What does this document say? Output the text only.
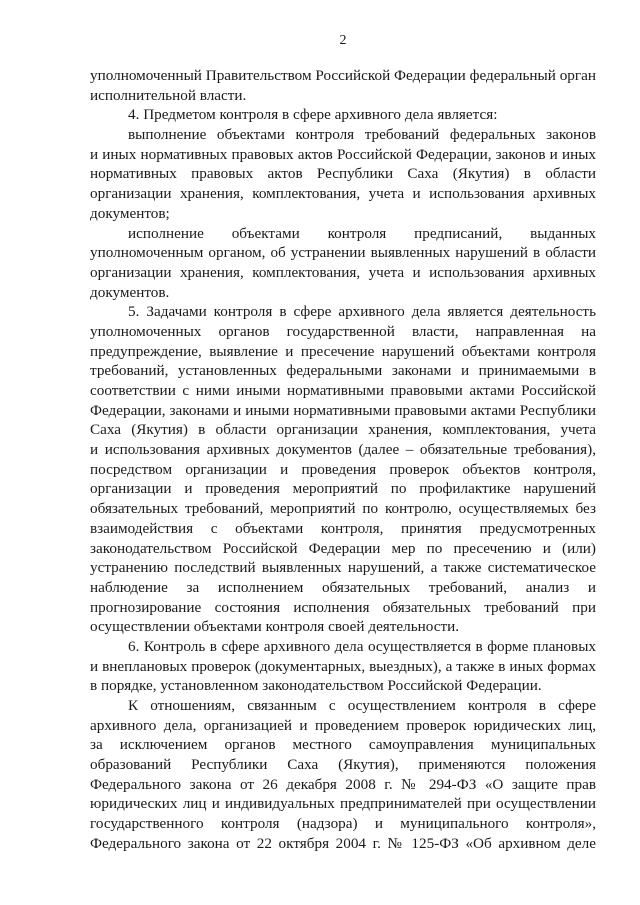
2
уполномоченный Правительством Российской Федерации федеральный орган
исполнительной власти.
4. Предметом контроля в сфере архивного дела является:
выполнение объектами контроля требований федеральных законов
и иных нормативных правовых актов Российской Федерации, законов и иных
нормативных правовых актов Республики Саха (Якутия) в области
организации хранения, комплектования, учета и использования архивных
документов;
исполнение объектами контроля предписаний, выданных
уполномоченным органом, об устранении выявленных нарушений в области
организации хранения, комплектования, учета и использования архивных
документов.
5. Задачами контроля в сфере архивного дела является деятельность
уполномоченных органов государственной власти, направленная на
предупреждение, выявление и пресечение нарушений объектами контроля
требований, установленных федеральными законами и принимаемыми в
соответствии с ними иными нормативными правовыми актами Российской
Федерации, законами и иными нормативными правовыми актами Республики
Саха (Якутия) в области организации хранения, комплектования, учета
и использования архивных документов (далее – обязательные требования),
посредством организации и проведения проверок объектов контроля,
организации и проведения мероприятий по профилактике нарушений
обязательных требований, мероприятий по контролю, осуществляемых без
взаимодействия с объектами контроля, принятия предусмотренных
законодательством Российской Федерации мер по пресечению и (или)
устранению последствий выявленных нарушений, а также систематическое
наблюдение за исполнением обязательных требований, анализ и
прогнозирование состояния исполнения обязательных требований при
осуществлении объектами контроля своей деятельности.
6. Контроль в сфере архивного дела осуществляется в форме плановых
и внеплановых проверок (документарных, выездных), а также в иных формах
в порядке, установленном законодательством Российской Федерации.
К отношениям, связанным с осуществлением контроля в сфере
архивного дела, организацией и проведением проверок юридических лиц,
за исключением органов местного самоуправления муниципальных
образований Республики Саха (Якутия), применяются положения
Федерального закона от 26 декабря 2008 г. № 294-ФЗ «О защите прав
юридических лиц и индивидуальных предпринимателей при осуществлении
государственного контроля (надзора) и муниципального контроля»,
Федерального закона от 22 октября 2004 г. № 125-ФЗ «Об архивном деле
